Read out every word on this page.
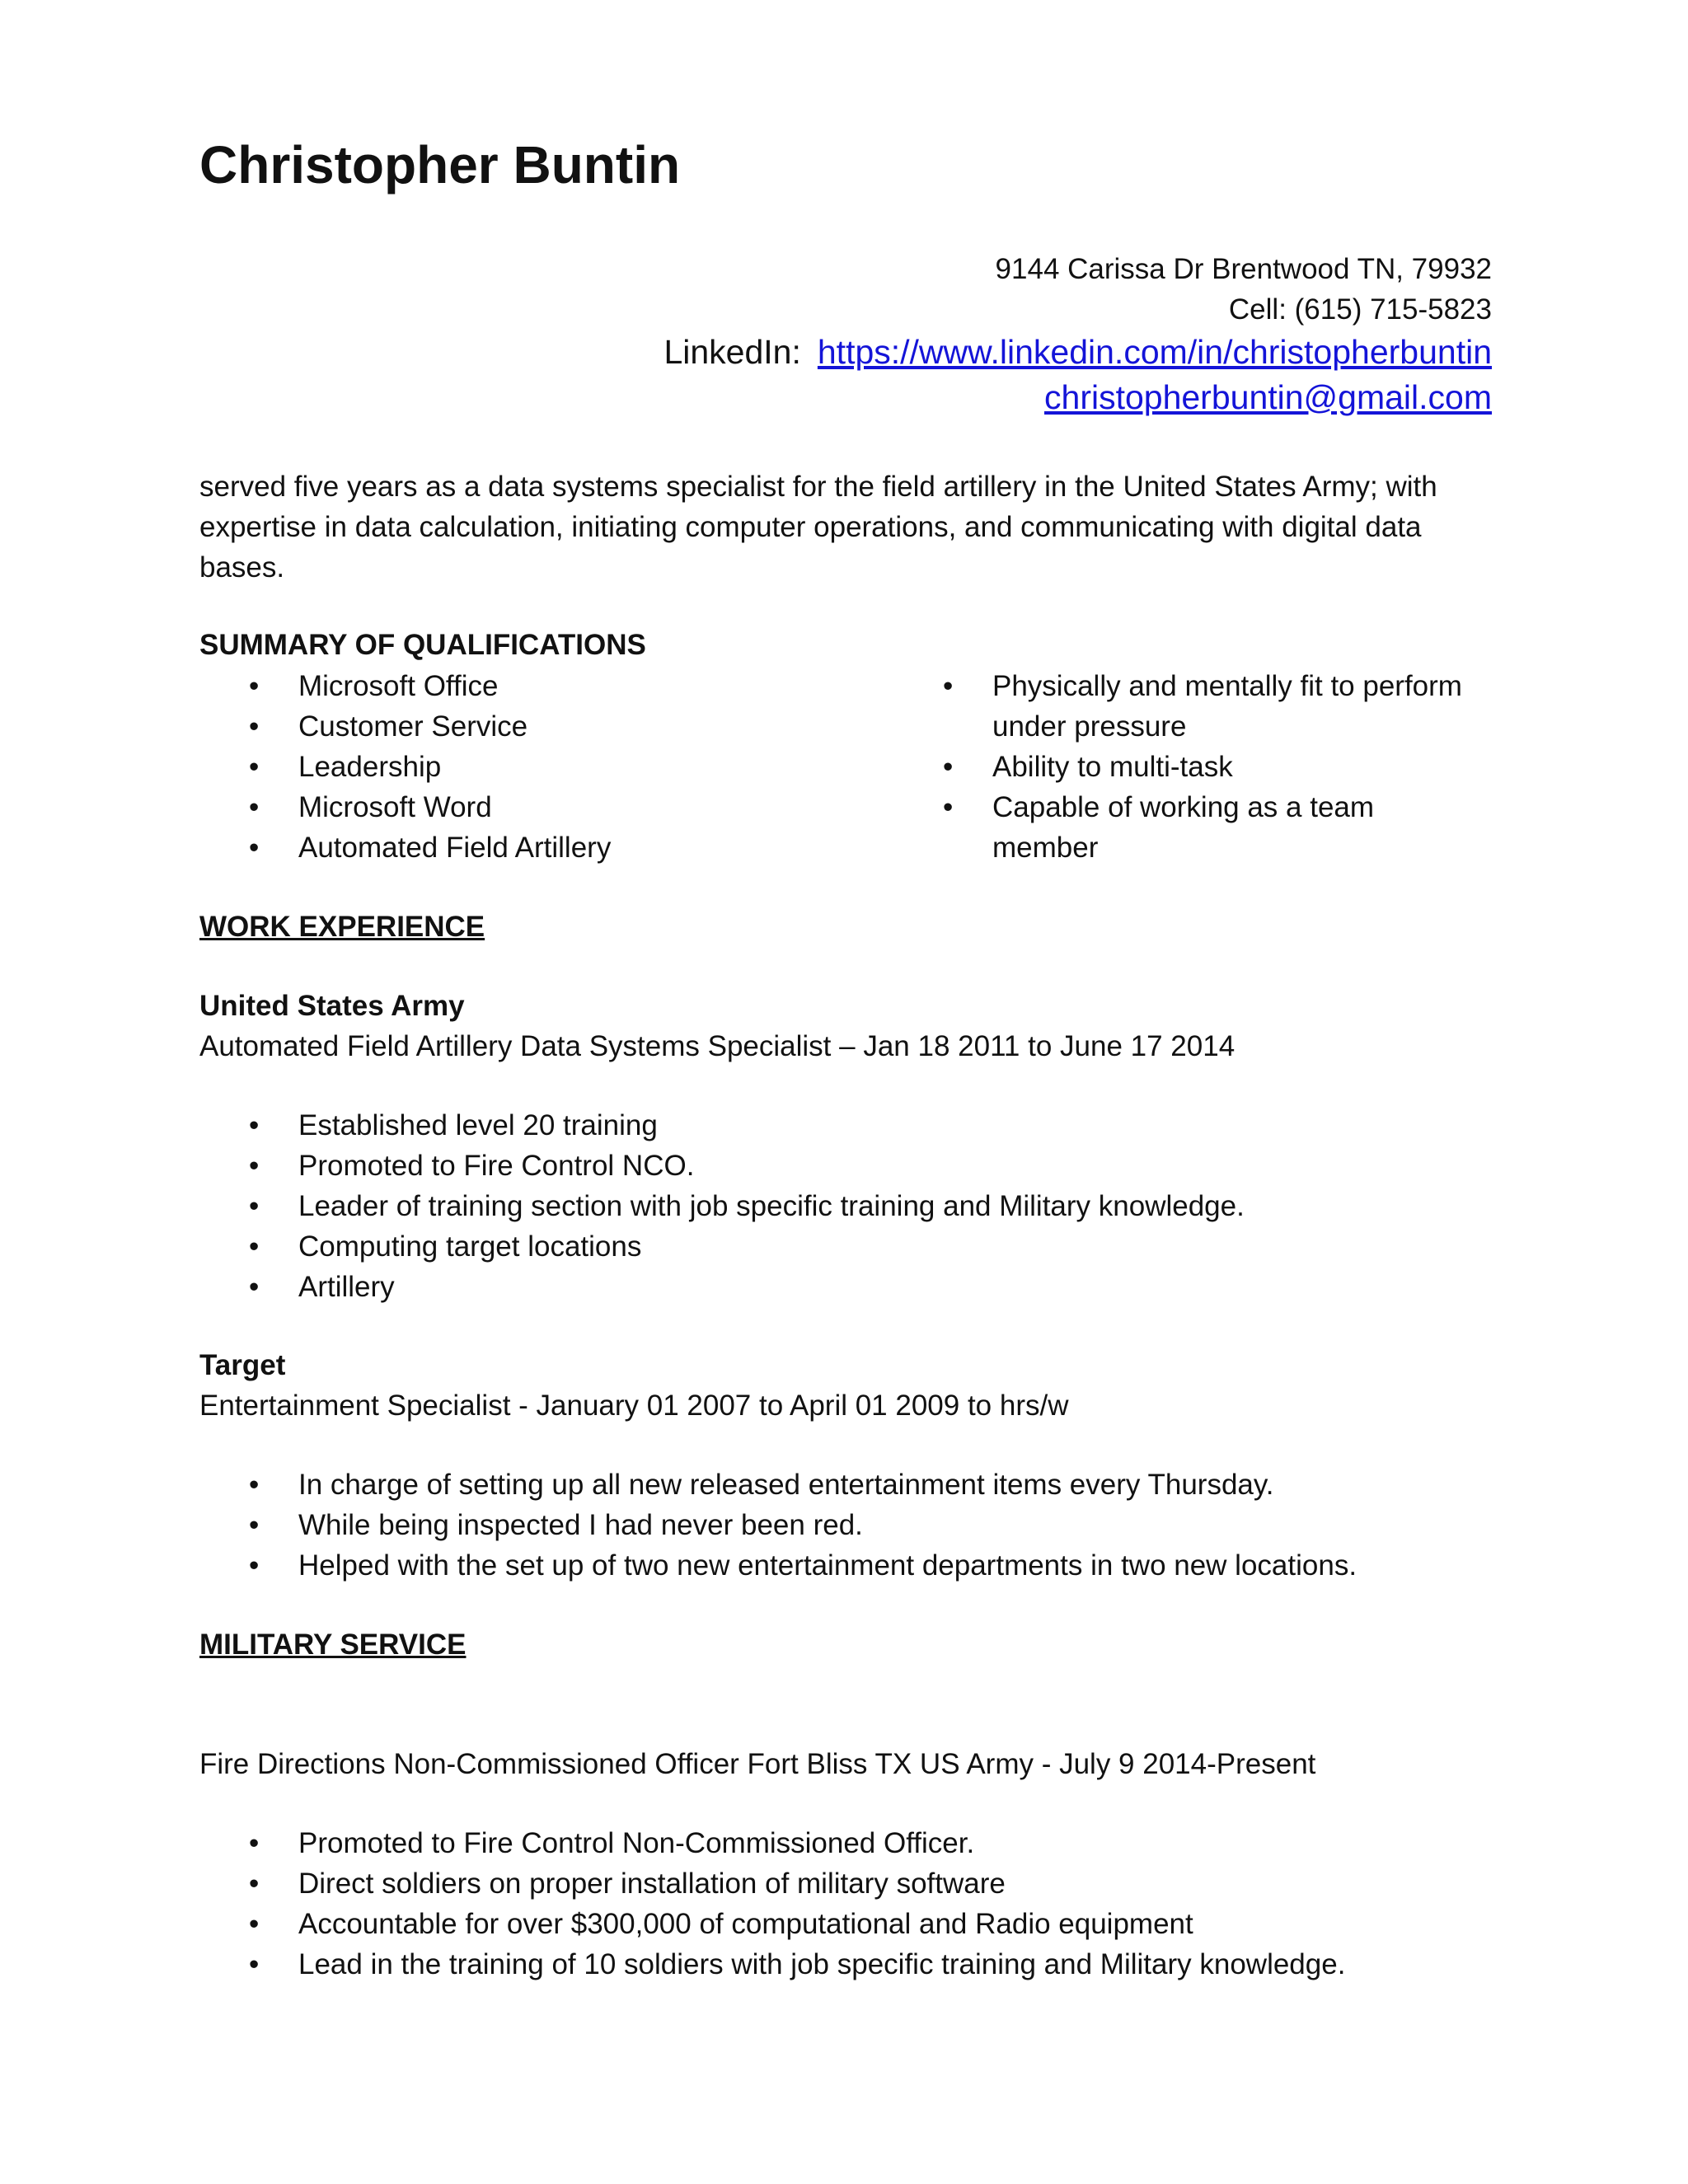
Christopher Buntin
9144 Carissa Dr Brentwood TN, 79932
Cell: (615) 715-5823
LinkedIn: https://www.linkedin.com/in/christopherbuntin
christopherbuntin@gmail.com
served five years as a data systems specialist for the field artillery in the United States Army; with expertise in data calculation, initiating computer operations, and communicating with digital data bases.
SUMMARY OF QUALIFICATIONS
• Microsoft Office
• Customer Service
• Leadership
• Microsoft Word
• Automated Field Artillery
• Physically and mentally fit to perform under pressure
• Ability to multi-task
• Capable of working as a team member
WORK EXPERIENCE
United States Army
Automated Field Artillery Data Systems Specialist – Jan 18 2011 to June 17 2014
• Established level 20 training
• Promoted to Fire Control NCO.
• Leader of training section with job specific training and Military knowledge.
• Computing target locations
• Artillery
Target
Entertainment Specialist - January 01 2007 to April 01 2009 to hrs/w
• In charge of setting up all new released entertainment items every Thursday.
• While being inspected I had never been red.
• Helped with the set up of two new entertainment departments in two new locations.
MILITARY SERVICE
Fire Directions Non-Commissioned Officer Fort Bliss TX US Army - July 9 2014-Present
• Promoted to Fire Control Non-Commissioned Officer.
• Direct soldiers on proper installation of military software
• Accountable for over $300,000 of computational and Radio equipment
• Lead in the training of 10 soldiers with job specific training and Military knowledge.
